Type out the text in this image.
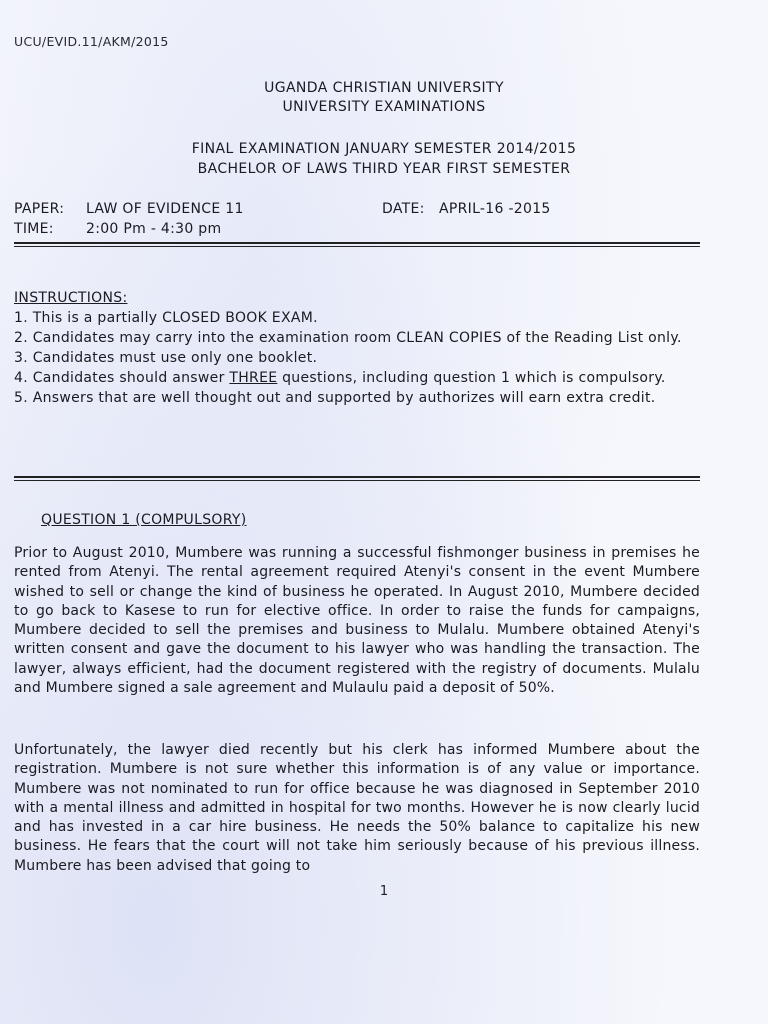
UCU/EVID.11/AKM/2015
UGANDA CHRISTIAN UNIVERSITY
UNIVERSITY EXAMINATIONS
FINAL EXAMINATION JANUARY SEMESTER 2014/2015
BACHELOR OF LAWS THIRD YEAR FIRST SEMESTER
PAPER: LAW OF EVIDENCE 11	DATE: APRIL-16 -2015
TIME: 2:00 Pm - 4:30 pm

INSTRUCTIONS:

1. This is a partially CLOSED BOOK EXAM.

2. Candidates may carry into the examination room CLEAN COPIES of the Reading List only.

3. Candidates must use only one booklet.

4. Candidates should answer THREE questions, including question 1 which is compulsory.

5. Answers that are well thought out and supported by authorizes will earn extra credit.

QUESTION 1 (COMPULSORY)

Prior to August 2010, Mumbere was running a successful fishmonger business in premises he rented from Atenyi. The rental agreement required Atenyi's consent in the event Mumbere wished to sell or change the kind of business he operated. In August 2010, Mumbere decided to go back to Kasese to run for elective office. In order to raise the funds for campaigns, Mumbere decided to sell the premises and business to Mulalu. Mumbere obtained Atenyi's written consent and gave the document to his lawyer who was handling the transaction. The lawyer, always efficient, had the document registered with the registry of documents. Mulalu and Mumbere signed a sale agreement and Mulaulu paid a deposit of 50%.

Unfortunately, the lawyer died recently but his clerk has informed Mumbere about the registration. Mumbere is not sure whether this information is of any value or importance. Mumbere was not nominated to run for office because he was diagnosed in September 2010 with a mental illness and admitted in hospital for two months. However he is now clearly lucid and has invested in a car hire business. He needs the 50% balance to capitalize his new business. He fears that the court will not take him seriously because of his previous illness. Mumbere has been advised that going to

1
